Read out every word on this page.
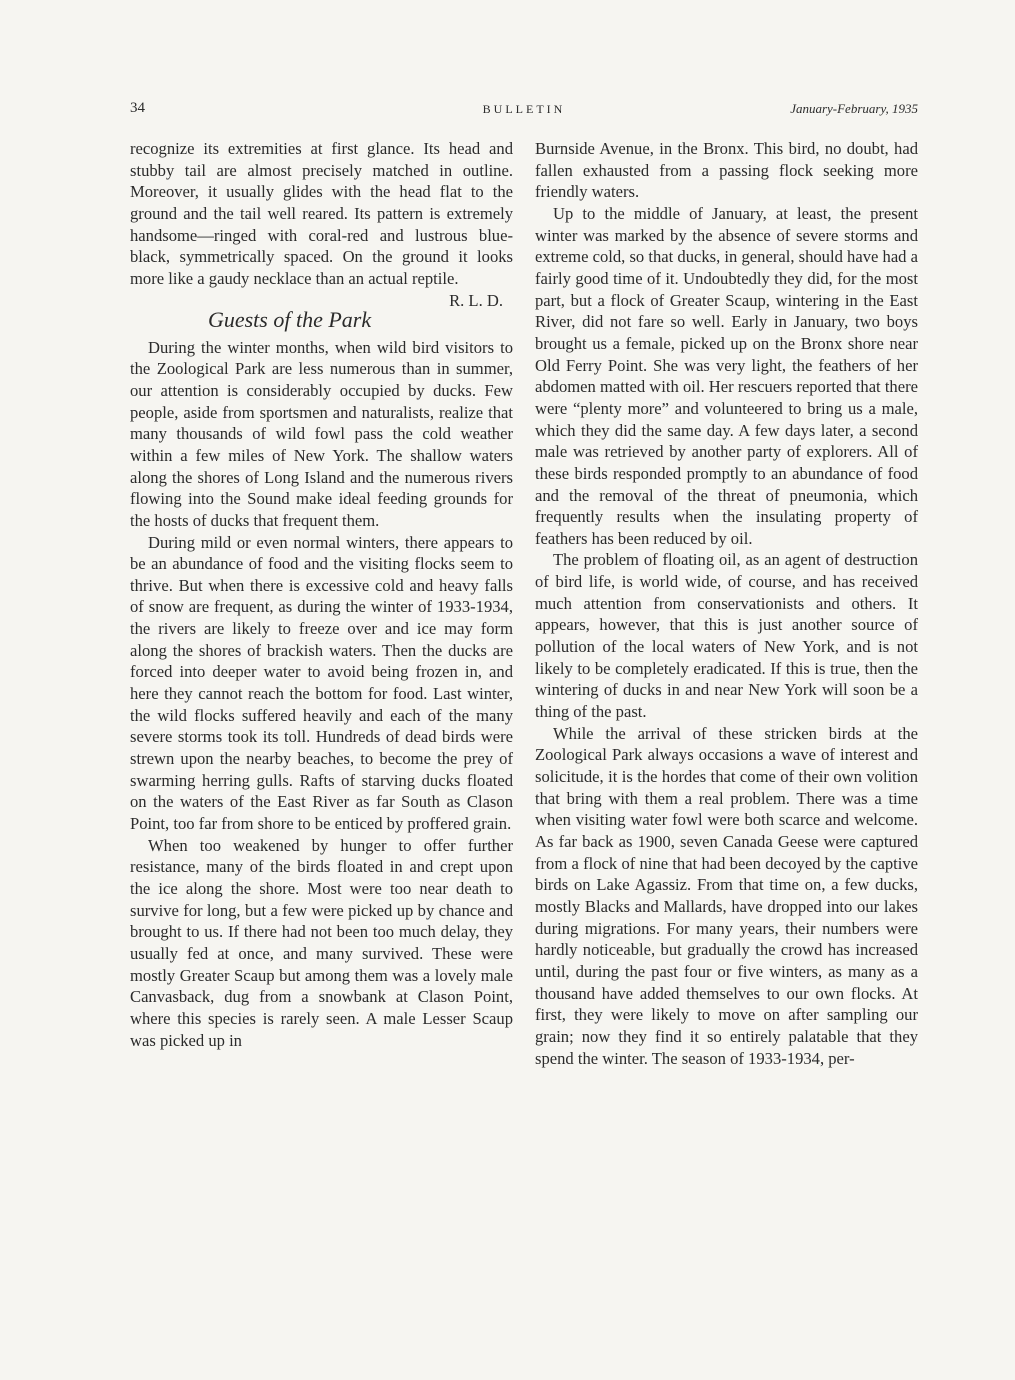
34	BULLETIN	January-February, 1935

recognize its extremities at first glance. Its head and stubby tail are almost precisely matched in outline. Moreover, it usually glides with the head flat to the ground and the tail well reared. Its pattern is extremely handsome—ringed with coral-red and lustrous blue-black, symmetrically spaced. On the ground it looks more like a gaudy necklace than an actual reptile.
R. L. D.

Guests of the Park

During the winter months, when wild bird visitors to the Zoological Park are less numerous than in summer, our attention is considerably occupied by ducks. Few people, aside from sportsmen and naturalists, realize that many thousands of wild fowl pass the cold weather within a few miles of New York. The shallow waters along the shores of Long Island and the numerous rivers flowing into the Sound make ideal feeding grounds for the hosts of ducks that frequent them.

During mild or even normal winters, there appears to be an abundance of food and the visiting flocks seem to thrive. But when there is excessive cold and heavy falls of snow are frequent, as during the winter of 1933-1934, the rivers are likely to freeze over and ice may form along the shores of brackish waters. Then the ducks are forced into deeper water to avoid being frozen in, and here they cannot reach the bottom for food. Last winter, the wild flocks suffered heavily and each of the many severe storms took its toll. Hundreds of dead birds were strewn upon the nearby beaches, to become the prey of swarming herring gulls. Rafts of starving ducks floated on the waters of the East River as far South as Clason Point, too far from shore to be enticed by proffered grain.

When too weakened by hunger to offer further resistance, many of the birds floated in and crept upon the ice along the shore. Most were too near death to survive for long, but a few were picked up by chance and brought to us. If there had not been too much delay, they usually fed at once, and many survived. These were mostly Greater Scaup but among them was a lovely male Canvasback, dug from a snowbank at Clason Point, where this species is rarely seen. A male Lesser Scaup was picked up in

Burnside Avenue, in the Bronx. This bird, no doubt, had fallen exhausted from a passing flock seeking more friendly waters.

Up to the middle of January, at least, the present winter was marked by the absence of severe storms and extreme cold, so that ducks, in general, should have had a fairly good time of it. Undoubtedly they did, for the most part, but a flock of Greater Scaup, wintering in the East River, did not fare so well. Early in January, two boys brought us a female, picked up on the Bronx shore near Old Ferry Point. She was very light, the feathers of her abdomen matted with oil. Her rescuers reported that there were “plenty more” and volunteered to bring us a male, which they did the same day. A few days later, a second male was retrieved by another party of explorers. All of these birds responded promptly to an abundance of food and the removal of the threat of pneumonia, which frequently results when the insulating property of feathers has been reduced by oil.

The problem of floating oil, as an agent of destruction of bird life, is world wide, of course, and has received much attention from conservationists and others. It appears, however, that this is just another source of pollution of the local waters of New York, and is not likely to be completely eradicated. If this is true, then the wintering of ducks in and near New York will soon be a thing of the past.

While the arrival of these stricken birds at the Zoological Park always occasions a wave of interest and solicitude, it is the hordes that come of their own volition that bring with them a real problem. There was a time when visiting water fowl were both scarce and welcome. As far back as 1900, seven Canada Geese were captured from a flock of nine that had been decoyed by the captive birds on Lake Agassiz. From that time on, a few ducks, mostly Blacks and Mallards, have dropped into our lakes during migrations. For many years, their numbers were hardly noticeable, but gradually the crowd has increased until, during the past four or five winters, as many as a thousand have added themselves to our own flocks. At first, they were likely to move on after sampling our grain; now they find it so entirely palatable that they spend the winter. The season of 1933-1934, per-
